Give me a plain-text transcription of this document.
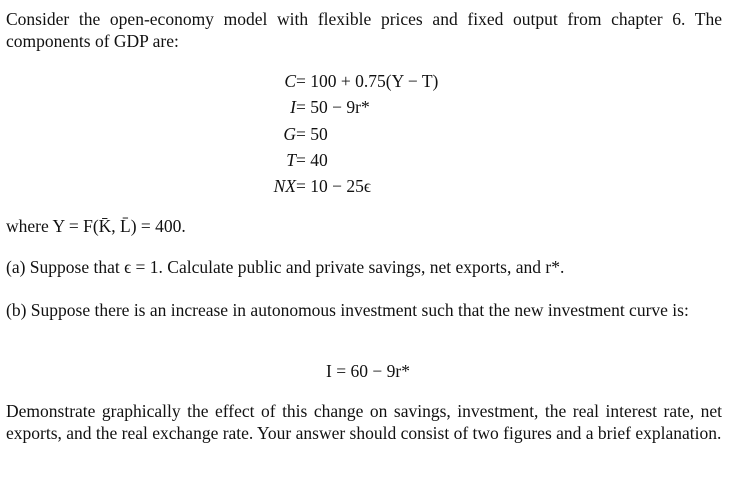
Consider the open-economy model with flexible prices and fixed output from chapter 6. The components of GDP are:

C = 100 + 0.75(Y − T)
I = 50 − 9r*
G = 50
T = 40
NX = 10 − 25ϵ

where Y = F(K̄, L̄) = 400.

(a) Suppose that ϵ = 1. Calculate public and private savings, net exports, and r*.

(b) Suppose there is an increase in autonomous investment such that the new investment curve is:

I = 60 − 9r*

Demonstrate graphically the effect of this change on savings, investment, the real interest rate, net exports, and the real exchange rate. Your answer should consist of two figures and a brief explanation.
